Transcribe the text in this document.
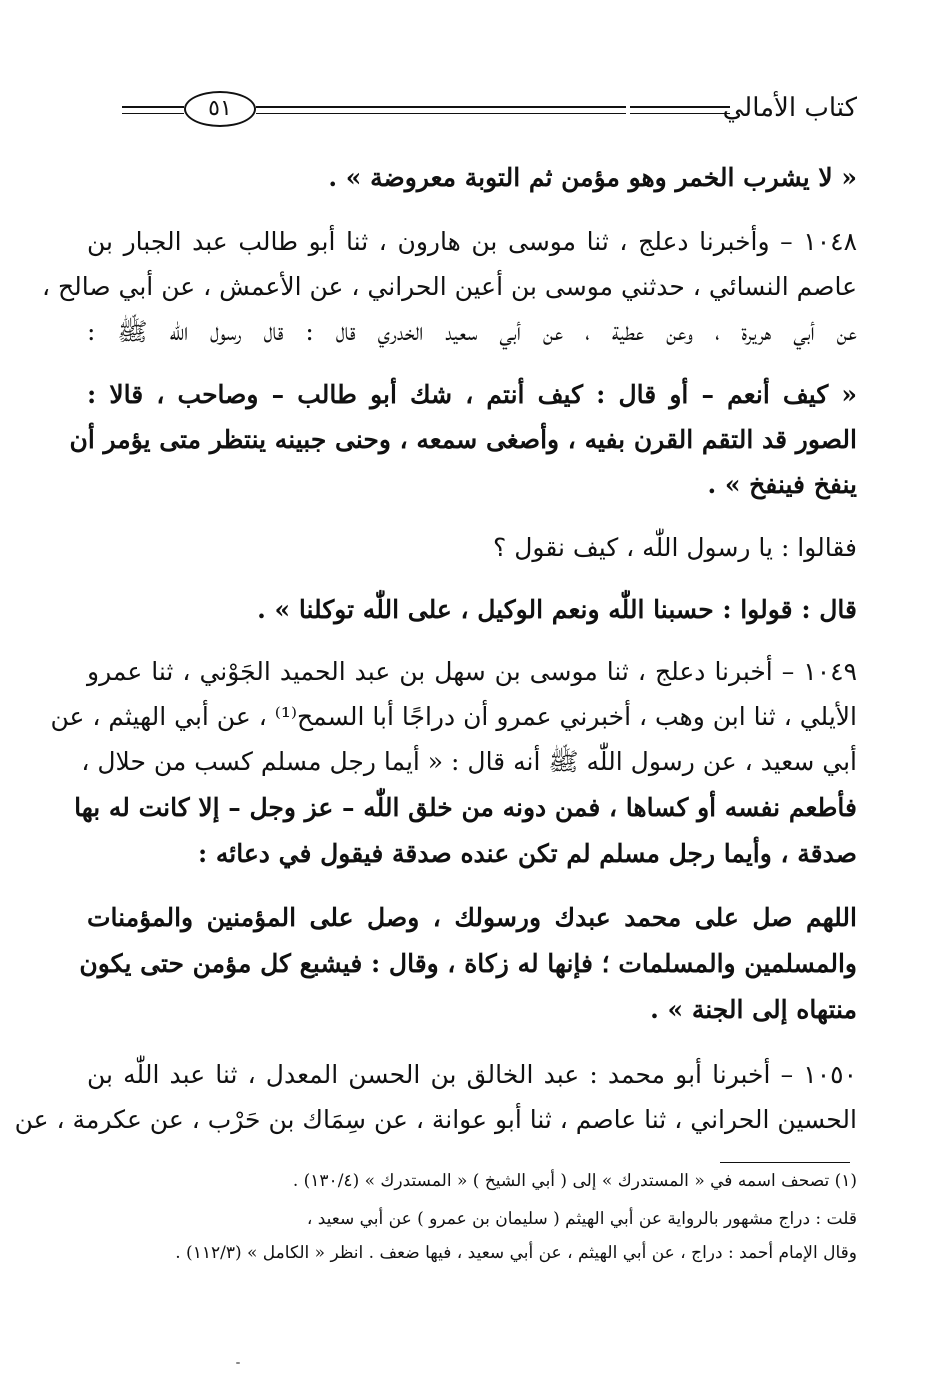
كتاب الأمالي
٥١
« لا يشرب الخمر وهو مؤمن ثم التوبة معروضة » .
١٠٤٨ – وأخبرنا دعلج ، ثنا موسى بن هارون ، ثنا أبو طالب عبد الجبار بن
عاصم النسائي ، حدثني موسى بن أعين الحراني ، عن الأعمش ، عن أبي صالح ،
عن أبي هريرة ، وعن عطية ، عن أبي سعيد الخدري قال : قال رسول اللّٰه ﷺ :
« كيف أنعم – أو قال : كيف أنتم ، شك أبو طالب – وصاحب ، قالا :
الصور قد التقم القرن بفيه ، وأصغى سمعه ، وحنى جبينه ينتظر متى يؤمر أن
ينفخ فينفخ » .
فقالوا : يا رسول اللّٰه ، كيف نقول ؟
قال : قولوا : حسبنا اللّٰه ونعم الوكيل ، على اللّٰه توكلنا » .
١٠٤٩ – أخبرنا دعلج ، ثنا موسى بن سهل بن عبد الحميد الجَوْني ، ثنا عمرو
الأيلي ، ثنا ابن وهب ، أخبرني عمرو أن دراجًا أبا السمح⁽¹⁾ ، عن أبي الهيثم ، عن
أبي سعيد ، عن رسول اللّٰه ﷺ أنه قال : « أيما رجل مسلم كسب من حلال ،
فأطعم نفسه أو كساها ، فمن دونه من خلق اللّٰه – عز وجل – إلا كانت له بها
صدقة ، وأيما رجل مسلم لم تكن عنده صدقة فيقول في دعائه :
اللهم صل على محمد عبدك ورسولك ، وصل على المؤمنين والمؤمنات
والمسلمين والمسلمات ؛ فإنها له زكاة ، وقال : فيشبع كل مؤمن حتى يكون
منتهاه إلى الجنة » .
١٠٥٠ – أخبرنا أبو محمد : عبد الخالق بن الحسن المعدل ، ثنا عبد اللّٰه بن
الحسين الحراني ، ثنا عاصم ، ثنا أبو عوانة ، عن سِمَاك بن حَرْب ، عن عكرمة ، عن
(١) تصحف اسمه في « المستدرك » إلى ( أبي الشيخ ) « المستدرك » (١٣٠/٤) .
قلت : دراج مشهور بالرواية عن أبي الهيثم ( سليمان بن عمرو ) عن أبي سعيد ،
وقال الإمام أحمد : دراج ، عن أبي الهيثم ، عن أبي سعيد ، فيها ضعف . انظر « الكامل » (١١٢/٣) .
